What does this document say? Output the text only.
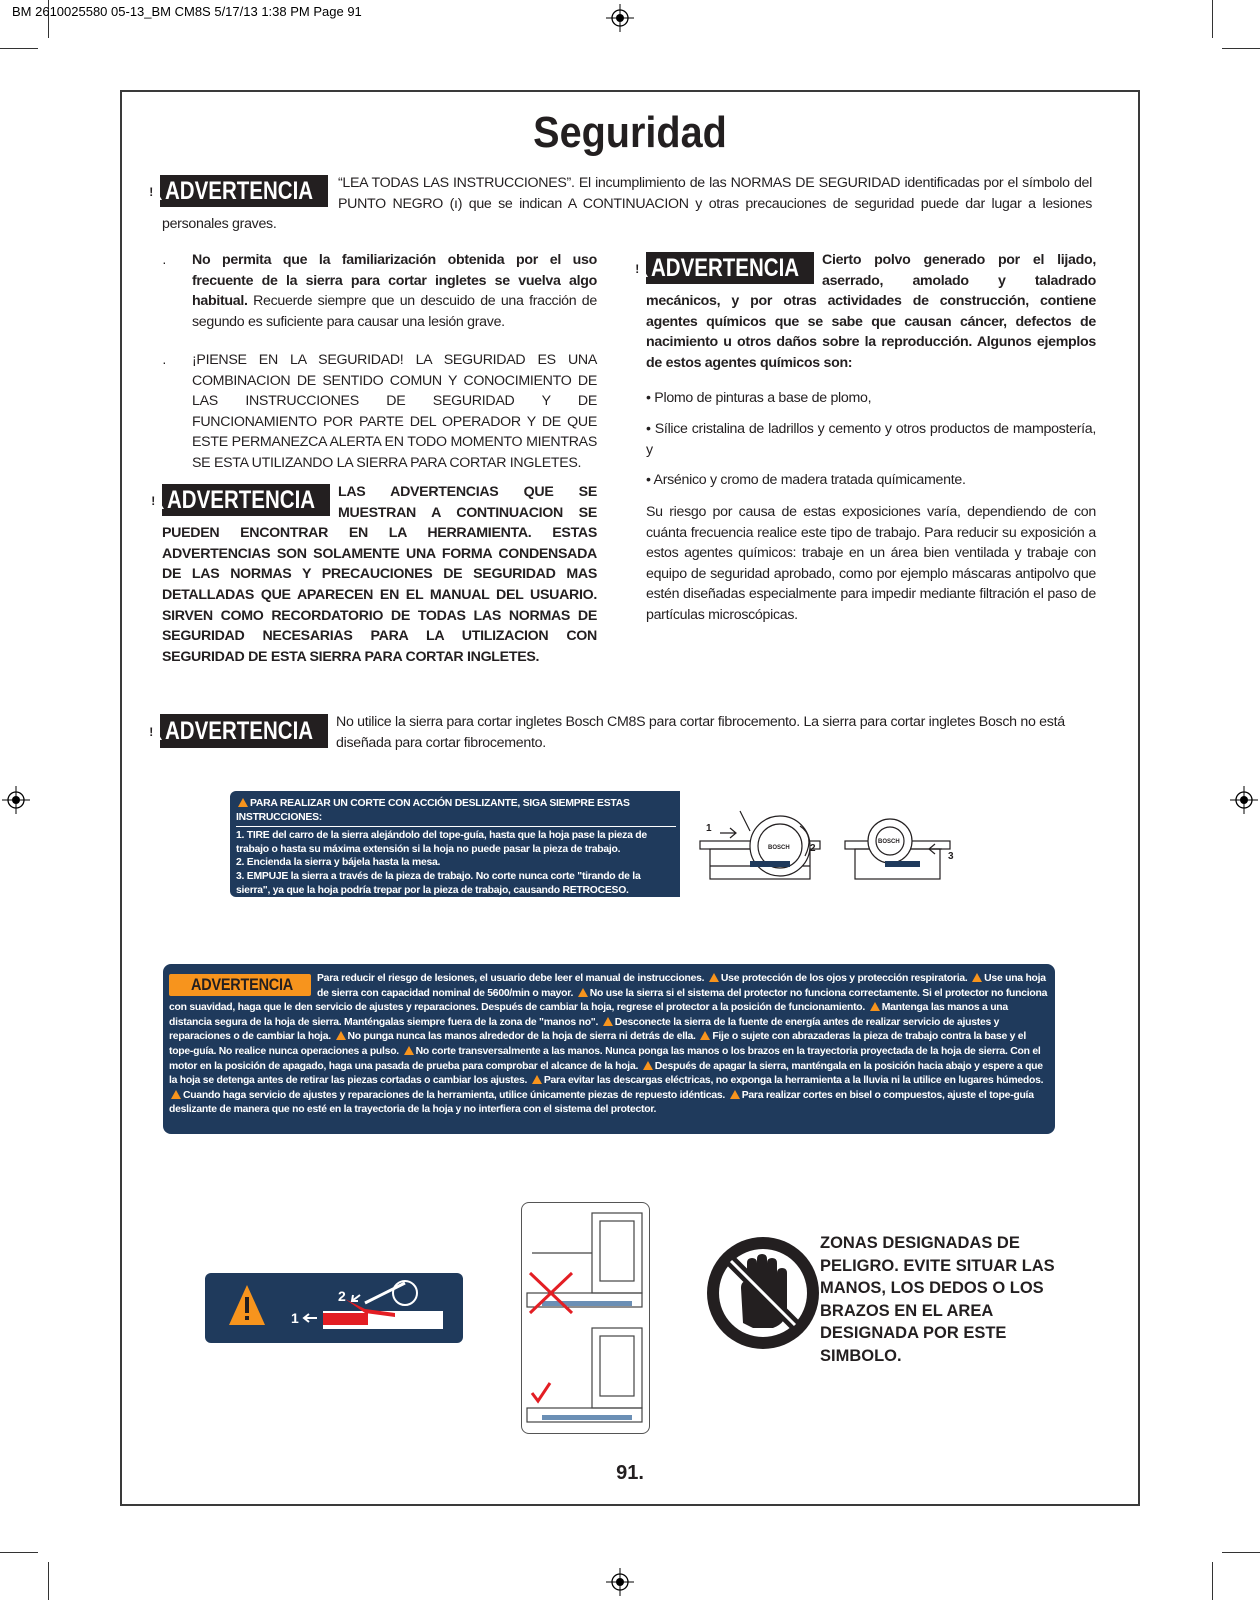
BM 2610025580 05-13_BM CM8S 5/17/13 1:38 PM Page 91
Seguridad
!
ADVERTENCIA	“LEA TODAS LAS INSTRUCCIONES”. El incumplimiento de las NORMAS DE SEGURIDAD identificadas por el símbolo del PUNTO NEGRO (ı) que se indican A CONTINUACION y otras precauciones de seguridad puede dar lugar a lesiones personales graves.
· No permita que la familiarización obtenida por el uso frecuente de la sierra para cortar ingletes se vuelva algo habitual. Recuerde siempre que un descuido de una fracción de segundo es suficiente para causar una lesión grave.
· ¡PIENSE EN LA SEGURIDAD! LA SEGURIDAD ES UNA COMBINACION DE SENTIDO COMUN Y CONOCIMIENTO DE LAS INSTRUCCIONES DE SEGURIDAD Y DE FUNCIONAMIENTO POR PARTE DEL OPERADOR Y DE QUE ESTE PERMANEZCA ALERTA EN TODO MOMENTO MIENTRAS SE ESTA UTILIZANDO LA SIERRA PARA CORTAR INGLETES.
!
ADVERTENCIA	LAS ADVERTENCIAS QUE SE MUESTRAN A CONTINUACION SE PUEDEN ENCONTRAR EN LA HERRAMIENTA. ESTAS ADVERTENCIAS SON SOLAMENTE UNA FORMA CONDENSADA DE LAS NORMAS Y PRECAUCIONES DE SEGURIDAD MAS DETALLADAS QUE APARECEN EN EL MANUAL DEL USUARIO. SIRVEN COMO RECORDATORIO DE TODAS LAS NORMAS DE SEGURIDAD NECESARIAS PARA LA UTILIZACION CON SEGURIDAD DE ESTA SIERRA PARA CORTAR INGLETES.
!
ADVERTENCIA	Cierto polvo generado por el lijado, aserrado, amolado y taladrado mecánicos, y por otras actividades de construcción, contiene agentes químicos que se sabe que causan cáncer, defectos de nacimiento u otros daños sobre la reproducción. Algunos ejemplos de estos agentes químicos son:
• Plomo de pinturas a base de plomo,
• Sílice cristalina de ladrillos y cemento y otros productos de mampostería, y
• Arsénico y cromo de madera tratada químicamente.
Su riesgo por causa de estas exposiciones varía, dependiendo de con cuánta frecuencia realice este tipo de trabajo. Para reducir su exposición a estos agentes químicos: trabaje en un área bien ventilada y trabaje con equipo de seguridad aprobado, como por ejemplo máscaras antipolvo que estén diseñadas especialmente para impedir mediante filtración el paso de partículas microscópicas.
!
ADVERTENCIA No utilice la sierra para cortar ingletes Bosch CM8S para cortar fibrocemento. La sierra para cortar ingletes Bosch no está diseñada para cortar fibrocemento.
PARA REALIZAR UN CORTE CON ACCIÓN DESLIZANTE, SIGA SIEMPRE ESTAS INSTRUCCIONES:
1. TIRE del carro de la sierra alejándolo del tope-guía, hasta que la hoja pase la pieza de trabajo o hasta su máxima extensión si la hoja no puede pasar la pieza de trabajo.
2. Encienda la sierra y bájela hasta la mesa.
3. EMPUJE la sierra a través de la pieza de trabajo. No corte nunca corte "tirando de la sierra", ya que la hoja podría trepar por la pieza de trabajo, causando RETROCESO.
1
2
3
BOSCH
BOSCH
ADVERTENCIA Para reducir el riesgo de lesiones, el usuario debe leer el manual de instrucciones. Use protección de los ojos y protección respiratoria. Use una hoja de sierra con capacidad nominal de 5600/min o mayor. No use la sierra si el sistema del protector no funciona correctamente. Si el protector no funciona con suavidad, haga que le den servicio de ajustes y reparaciones. Después de cambiar la hoja, regrese el protector a la posición de funcionamiento. Mantenga las manos a una distancia segura de la hoja de sierra. Manténgalas siempre fuera de la zona de "manos no". Desconecte la sierra de la fuente de energía antes de realizar servicio de ajustes y reparaciones o de cambiar la hoja. No punga nunca las manos alrededor de la hoja de sierra ni detrás de ella. Fije o sujete con abrazaderas la pieza de trabajo contra la base y el tope-guía. No realice nunca operaciones a pulso. No corte transversalmente a las manos. Nunca ponga las manos o los brazos en la trayectoria proyectada de la hoja de sierra. Con el motor en la posición de apagado, haga una pasada de prueba para comprobar el alcance de la hoja. Después de apagar la sierra, manténgala en la posición hacia abajo y espere a que la hoja se detenga antes de retirar las piezas cortadas o cambiar los ajustes. Para evitar las descargas eléctricas, no exponga la herramienta a la lluvia ni la utilice en lugares húmedos. Cuando haga servicio de ajustes y reparaciones de la herramienta, utilice únicamente piezas de repuesto idénticas. Para realizar cortes en bisel o compuestos, ajuste el tope-guía deslizante de manera que no esté en la trayectoria de la hoja y no interfiera con el sistema del protector.
1
2
ZONAS DESIGNADAS DE PELIGRO. EVITE SITUAR LAS MANOS, LOS DEDOS O LOS BRAZOS EN EL AREA DESIGNADA POR ESTE SIMBOLO.
91.
